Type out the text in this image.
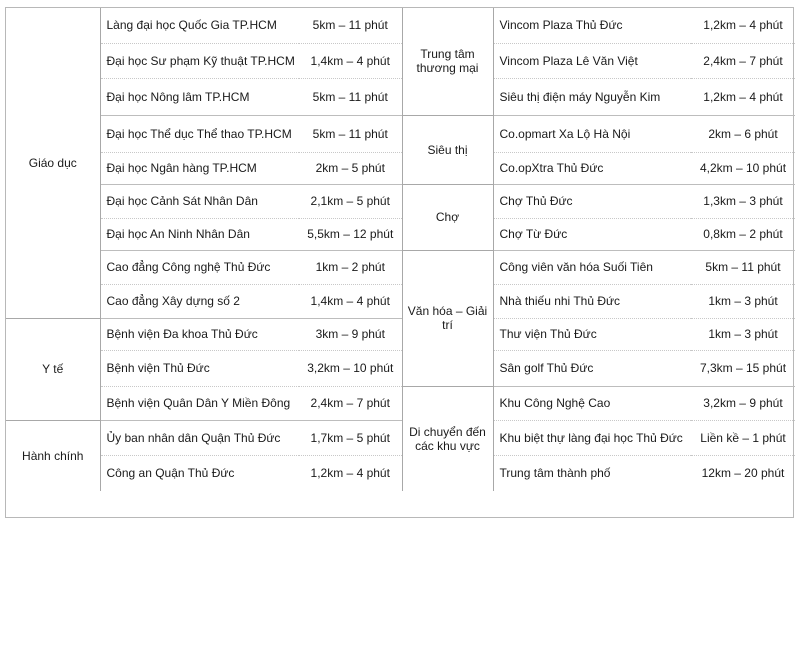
Giáo dục	Làng đại học Quốc Gia TP.HCM	5km – 11 phút	Trung tâm thương mại	Vincom Plaza Thủ Đức	1,2km – 4 phút
	Đại học Sư phạm Kỹ thuật TP.HCM	1,4km – 4 phút		Vincom Plaza Lê Văn Việt	2,4km – 7 phút
	Đại học Nông lâm TP.HCM	5km – 11 phút		Siêu thị điện máy Nguyễn Kim	1,2km – 4 phút
	Đại học Thể dục Thể thao TP.HCM	5km – 11 phút	Siêu thị	Co.opmart Xa Lộ Hà Nội	2km – 6 phút
	Đại học Ngân hàng TP.HCM	2km – 5 phút		Co.opXtra Thủ Đức	4,2km – 10 phút
	Đại học Cảnh Sát Nhân Dân	2,1km – 5 phút	Chợ	Chợ Thủ Đức	1,3km – 3 phút
	Đại học An Ninh Nhân Dân	5,5km – 12 phút		Chợ Từ Đức	0,8km – 2 phút
	Cao đẳng Công nghệ Thủ Đức	1km – 2 phút	Văn hóa – Giải trí	Công viên văn hóa Suối Tiên	5km – 11 phút
	Cao đẳng Xây dựng số 2	1,4km – 4 phút		Nhà thiếu nhi Thủ Đức	1km – 3 phút
Y tế	Bệnh viện Đa khoa Thủ Đức	3km – 9 phút		Thư viện Thủ Đức	1km – 3 phút
	Bệnh viện Thủ Đức	3,2km – 10 phút		Sân golf Thủ Đức	7,3km – 15 phút
	Bệnh viện Quân Dân Y Miền Đông	2,4km – 7 phút	Di chuyển đến các khu vực	Khu Công Nghệ Cao	3,2km – 9 phút
Hành chính	Ủy ban nhân dân Quận Thủ Đức	1,7km – 5 phút		Khu biệt thự làng đại học Thủ Đức	Liền kề – 1 phút
	Công an Quận Thủ Đức	1,2km – 4 phút		Trung tâm thành phố	12km – 20 phút
